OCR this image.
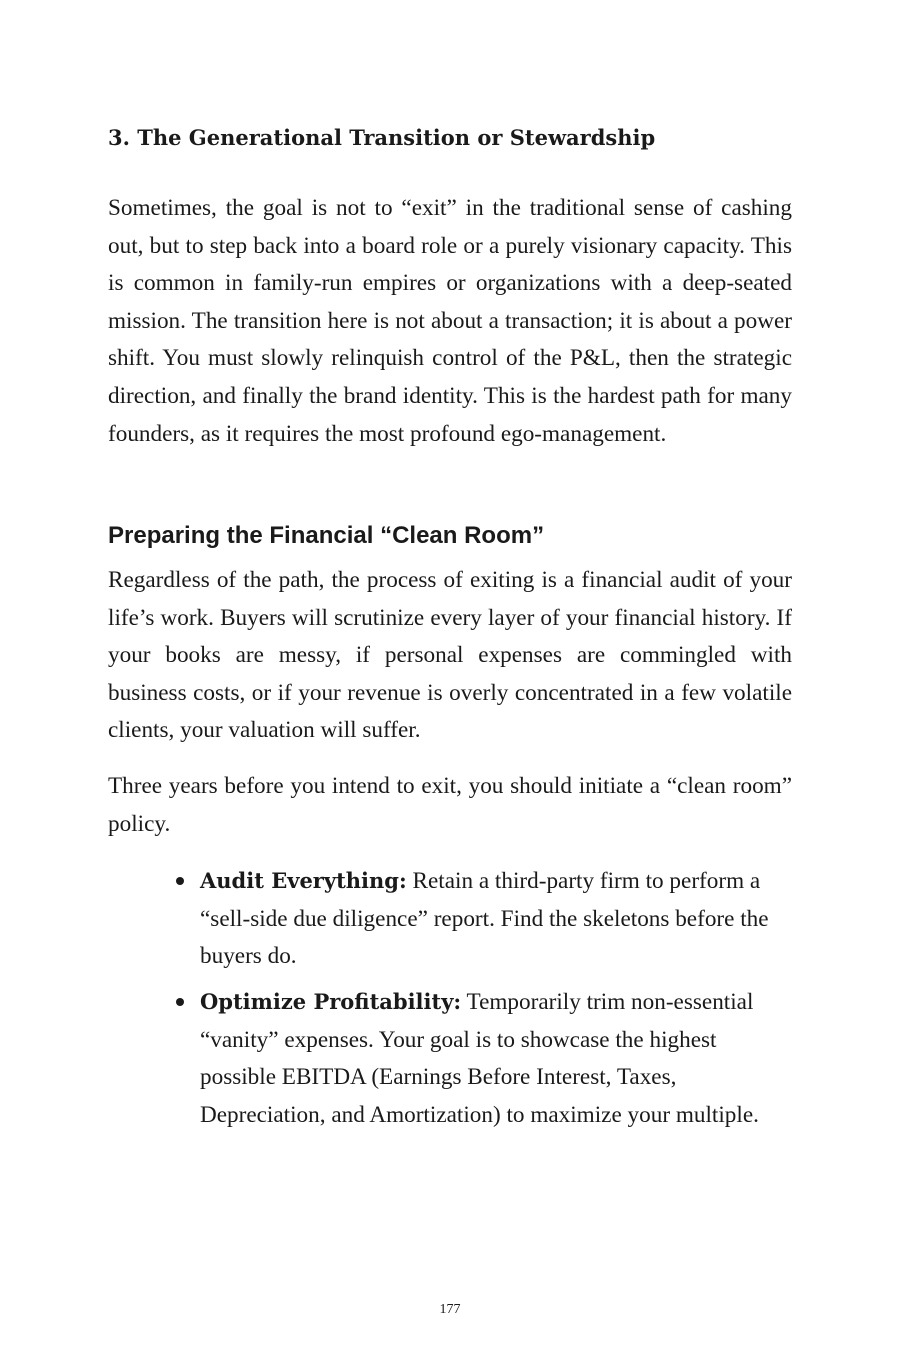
3. The Generational Transition or Stewardship

Sometimes, the goal is not to “exit” in the traditional sense of cashing out, but to step back into a board role or a purely visionary capacity. This is common in family-run empires or organizations with a deep-seated mission. The transition here is not about a transaction; it is about a power shift. You must slowly relinquish control of the P&L, then the strategic direction, and finally the brand identity. This is the hardest path for many founders, as it requires the most profound ego-management.

Preparing the Financial “Clean Room”

Regardless of the path, the process of exiting is a financial audit of your life’s work. Buyers will scrutinize every layer of your financial history. If your books are messy, if personal expenses are commingled with business costs, or if your revenue is overly concentrated in a few volatile clients, your valuation will suffer.

Three years before you intend to exit, you should initiate a “clean room” policy.

Audit Everything: Retain a third-party firm to perform a “sell-side due diligence” report. Find the skeletons before the buyers do.
Optimize Profitability: Temporarily trim non-essential “vanity” expenses. Your goal is to showcase the highest possible EBITDA (Earnings Before Interest, Taxes, Depreciation, and Amortization) to maximize your multiple.
177
